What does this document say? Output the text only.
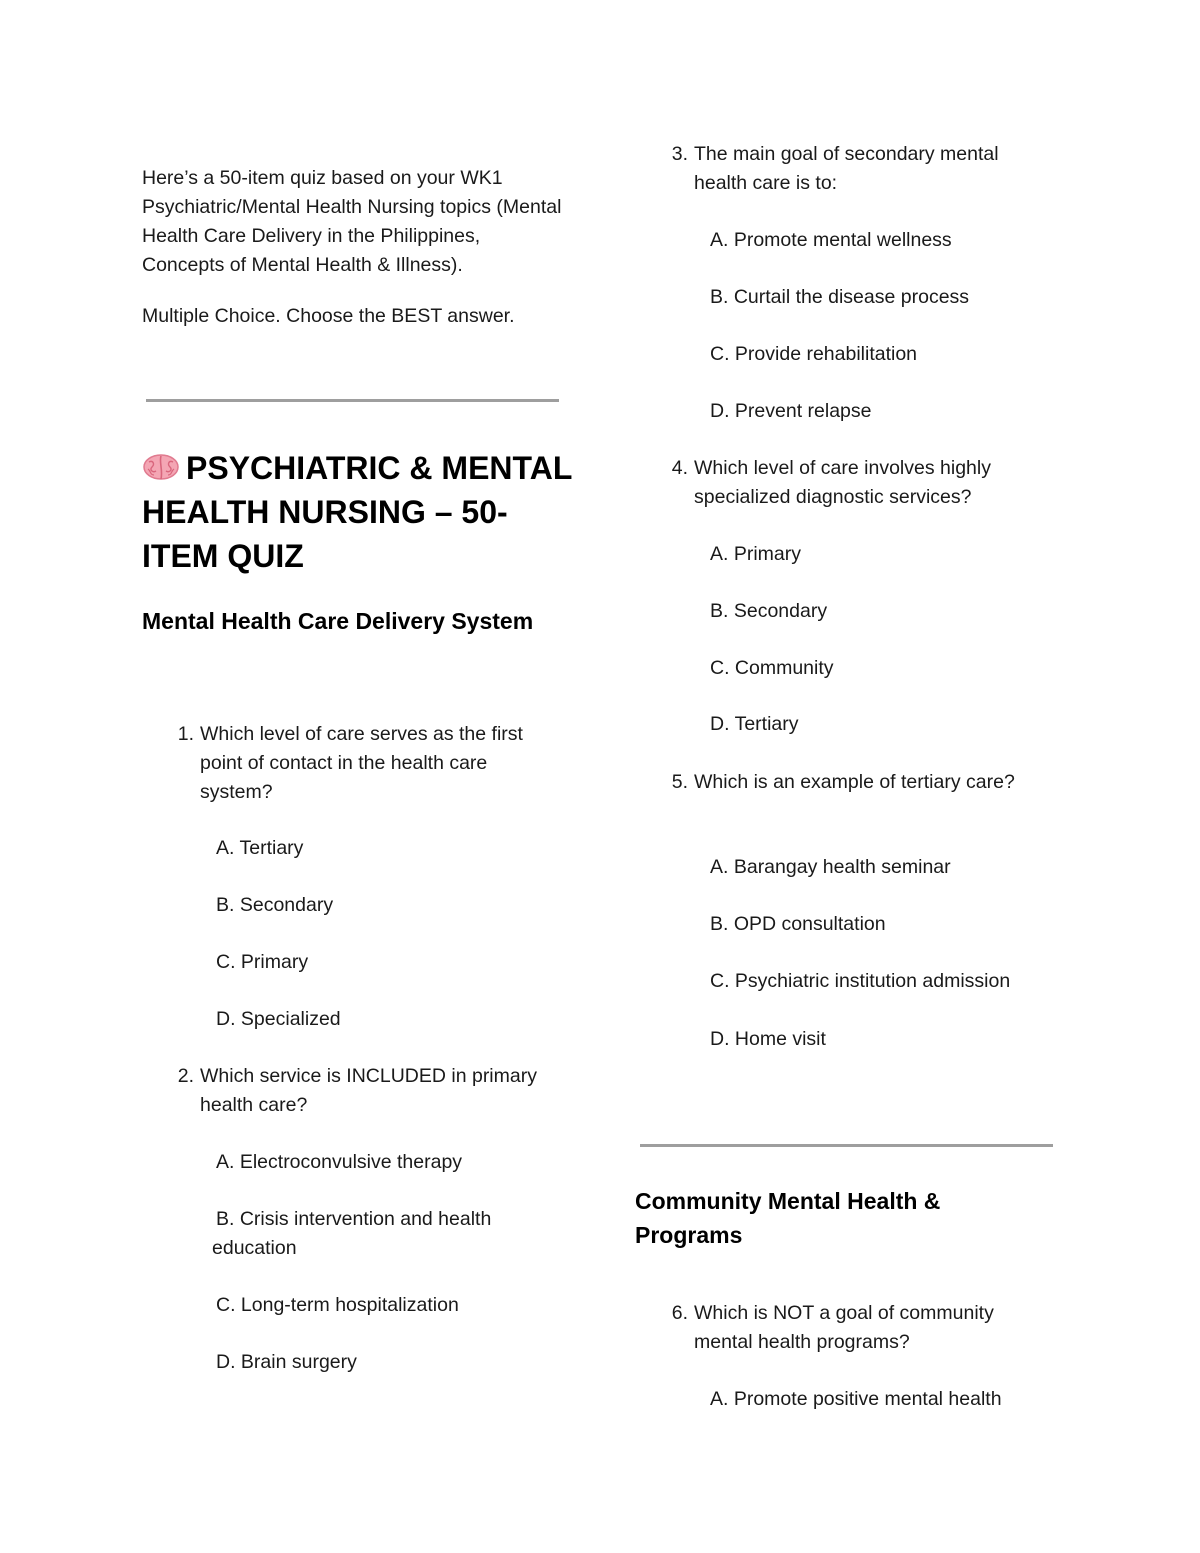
Here’s a 50-item quiz based on your WK1 Psychiatric/Mental Health Nursing topics (Mental Health Care Delivery in the Philippines, Concepts of Mental Health & Illness).

Multiple Choice. Choose the BEST answer.

PSYCHIATRIC & MENTAL HEALTH NURSING – 50-ITEM QUIZ
Mental Health Care Delivery System
1. Which level of care serves as the first point of contact in the health care system?
A. Tertiary
B. Secondary
C. Primary
D. Specialized
2. Which service is INCLUDED in primary health care?
A. Electroconvulsive therapy
B. Crisis intervention and health education
C. Long-term hospitalization
D. Brain surgery
3. The main goal of secondary mental health care is to:
A. Promote mental wellness
B. Curtail the disease process
C. Provide rehabilitation
D. Prevent relapse
4. Which level of care involves highly specialized diagnostic services?
A. Primary
B. Secondary
C. Community
D. Tertiary
5. Which is an example of tertiary care?
A. Barangay health seminar
B. OPD consultation
C. Psychiatric institution admission
D. Home visit
Community Mental Health & Programs
6. Which is NOT a goal of community mental health programs?
A. Promote positive mental health
